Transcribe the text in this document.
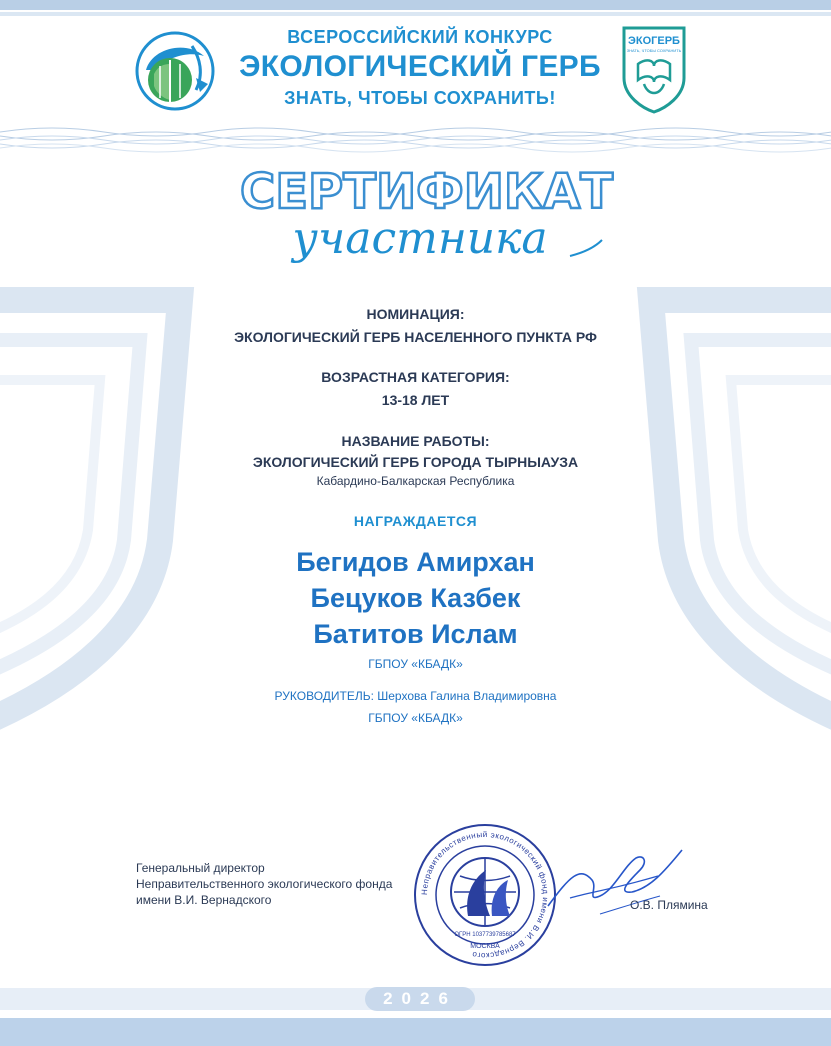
ВСЕРОССИЙСКИЙ КОНКУРС
ЭКОЛОГИЧЕСКИЙ ГЕРБ
ЗНАТЬ, ЧТОБЫ СОХРАНИТЬ!
ЭКОГЕРБ
ЗНАТЬ, ЧТОБЫ СОХРАНИТЬ
СЕРТИФИКАТ
участника
НОМИНАЦИЯ:
ЭКОЛОГИЧЕСКИЙ ГЕРБ НАСЕЛЕННОГО ПУНКТА РФ
ВОЗРАСТНАЯ КАТЕГОРИЯ:
13-18 ЛЕТ
НАЗВАНИЕ РАБОТЫ:
ЭКОЛОГИЧЕСКИЙ ГЕРБ ГОРОДА ТЫРНЫАУЗА
Кабардино-Балкарская Республика
НАГРАЖДАЕТСЯ
Бегидов Амирхан
Бецуков Казбек
Батитов Ислам
ГБПОУ «КБАДК»
РУКОВОДИТЕЛЬ: Шерхова Галина Владимировна
ГБПОУ «КБАДК»
Генеральный директор
Неправительственного экологического фонда
имени В.И. Вернадского
Неправительственный экологический фонд имени В.И. Вернадского
ОГРН 1037739785687
МОСКВА
О.В. Плямина
2026
